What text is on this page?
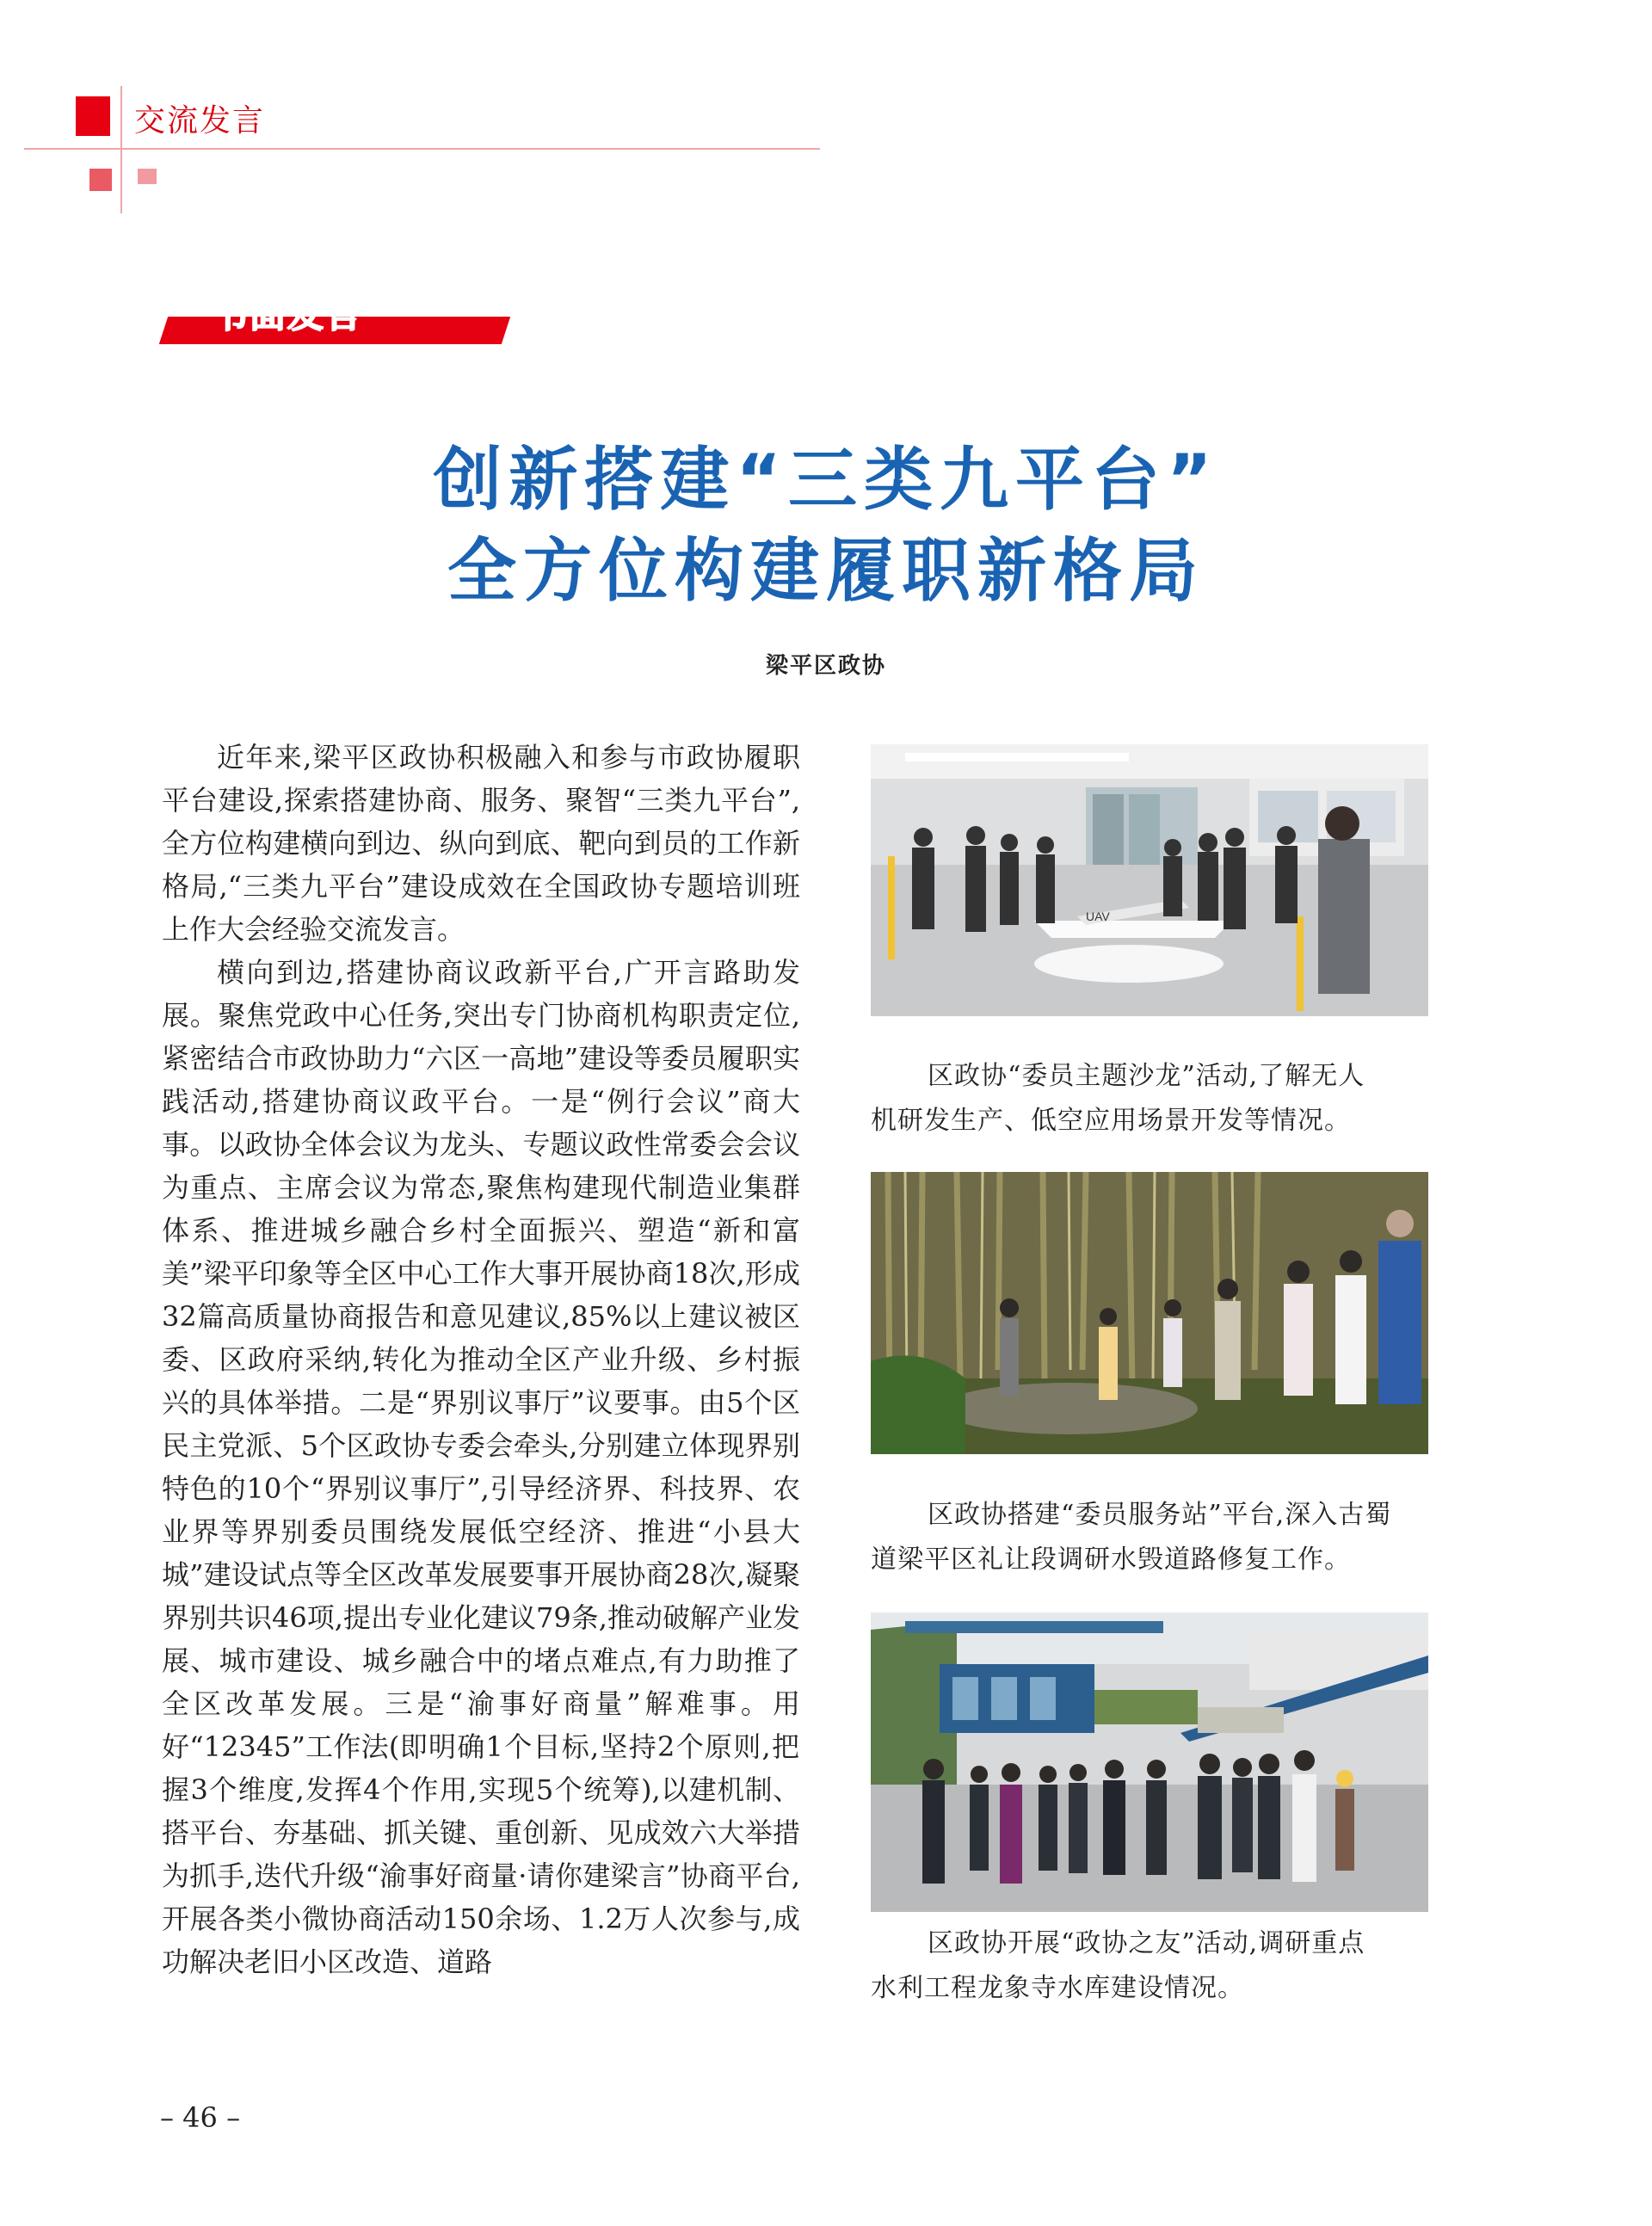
交流发言
书面发言
创新搭建“三类九平台”
全方位构建履职新格局
梁平区政协

近年来,梁平区政协积极融入和参与市政协履职平台建设,探索搭建协商、服务、聚智“三类九平台”,全方位构建横向到边、纵向到底、靶向到员的工作新格局,“三类九平台”建设成效在全国政协专题培训班上作大会经验交流发言。

横向到边,搭建协商议政新平台,广开言路助发展。聚焦党政中心任务,突出专门协商机构职责定位,紧密结合市政协助力“六区一高地”建设等委员履职实践活动,搭建协商议政平台。一是“例行会议”商大事。以政协全体会议为龙头、专题议政性常委会会议为重点、主席会议为常态,聚焦构建现代制造业集群体系、推进城乡融合乡村全面振兴、塑造“新和富美”梁平印象等全区中心工作大事开展协商18次,形成32篇高质量协商报告和意见建议,85%以上建议被区委、区政府采纳,转化为推动全区产业升级、乡村振兴的具体举措。二是“界别议事厅”议要事。由5个区民主党派、5个区政协专委会牵头,分别建立体现界别特色的10个“界别议事厅”,引导经济界、科技界、农业界等界别委员围绕发展低空经济、推进“小县大城”建设试点等全区改革发展要事开展协商28次,凝聚界别共识46项,提出专业化建议79条,推动破解产业发展、城市建设、城乡融合中的堵点难点,有力助推了全区改革发展。三是“渝事好商量”解难事。用好“12345”工作法(即明确1个目标,坚持2个原则,把握3个维度,发挥4个作用,实现5个统筹),以建机制、搭平台、夯基础、抓关键、重创新、见成效六大举措为抓手,迭代升级“渝事好商量·请你建梁言”协商平台,开展各类小微协商活动150余场、1.2万人次参与,成功解决老旧小区改造、道路

UAV
区政协“委员主题沙龙”活动,了解无人
机研发生产、低空应用场景开发等情况。
区政协搭建“委员服务站”平台,深入古蜀
道梁平区礼让段调研水毁道路修复工作。
区政协开展“政协之友”活动,调研重点
水利工程龙象寺水库建设情况。
– 46 –
